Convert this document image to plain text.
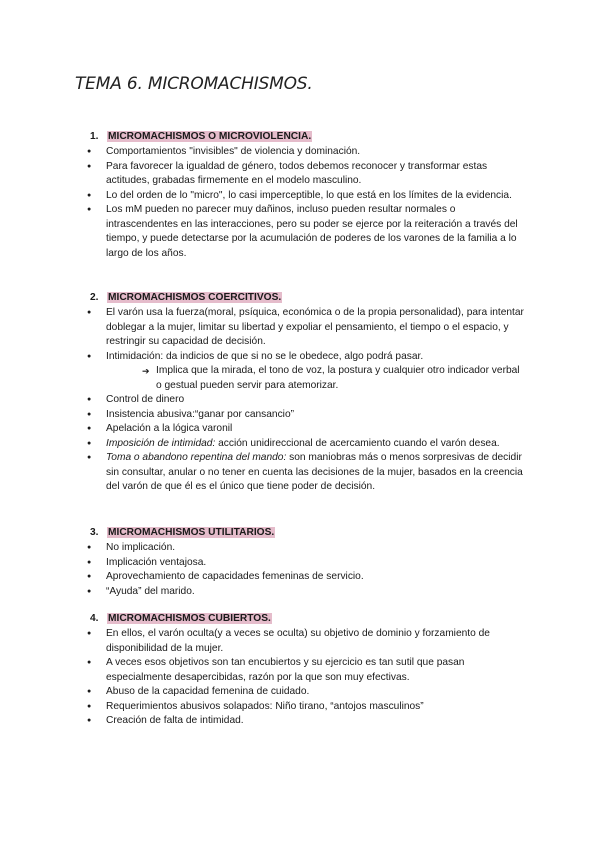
TEMA 6. MICROMACHISMOS.
1. MICROMACHISMOS O MICROVIOLENCIA.
● Comportamientos "invisibles" de violencia y dominación.
● Para favorecer la igualdad de género, todos debemos reconocer y transformar estas actitudes, grabadas firmemente en el modelo masculino.
● Lo del orden de lo "micro", lo casi imperceptible, lo que está en los límites de la evidencia.
● Los mM pueden no parecer muy dañinos, incluso pueden resultar normales o intrascendentes en las interacciones, pero su poder se ejerce por la reiteración a través del tiempo, y puede detectarse por la acumulación de poderes de los varones de la familia a lo largo de los años.
2. MICROMACHISMOS COERCITIVOS.
● El varón usa la fuerza(moral, psíquica, económica o de la propia personalidad), para intentar doblegar a la mujer, limitar su libertad y expoliar el pensamiento, el tiempo o el espacio, y restringir su capacidad de decisión.
● Intimidación: da indicios de que si no se le obedece, algo podrá pasar.
➔ Implica que la mirada, el tono de voz, la postura y cualquier otro indicador verbal o gestual pueden servir para atemorizar.
● Control de dinero
● Insistencia abusiva:“ganar por cansancio”
● Apelación a la lógica varonil
● Imposición de intimidad: acción unidireccional de acercamiento cuando el varón desea.
● Toma o abandono repentina del mando: son maniobras más o menos sorpresivas de decidir sin consultar, anular o no tener en cuenta las decisiones de la mujer, basados en la creencia del varón de que él es el único que tiene poder de decisión.
3. MICROMACHISMOS UTILITARIOS.
● No implicación.
● Implicación ventajosa.
● Aprovechamiento de capacidades femeninas de servicio.
● “Ayuda” del marido.
4. MICROMACHISMOS CUBIERTOS.
● En ellos, el varón oculta(y a veces se oculta) su objetivo de dominio y forzamiento de disponibilidad de la mujer.
● A veces esos objetivos son tan encubiertos y su ejercicio es tan sutil que pasan especialmente desapercibidas, razón por la que son muy efectivas.
● Abuso de la capacidad femenina de cuidado.
● Requerimientos abusivos solapados: Niño tirano, “antojos masculinos”
● Creación de falta de intimidad.
